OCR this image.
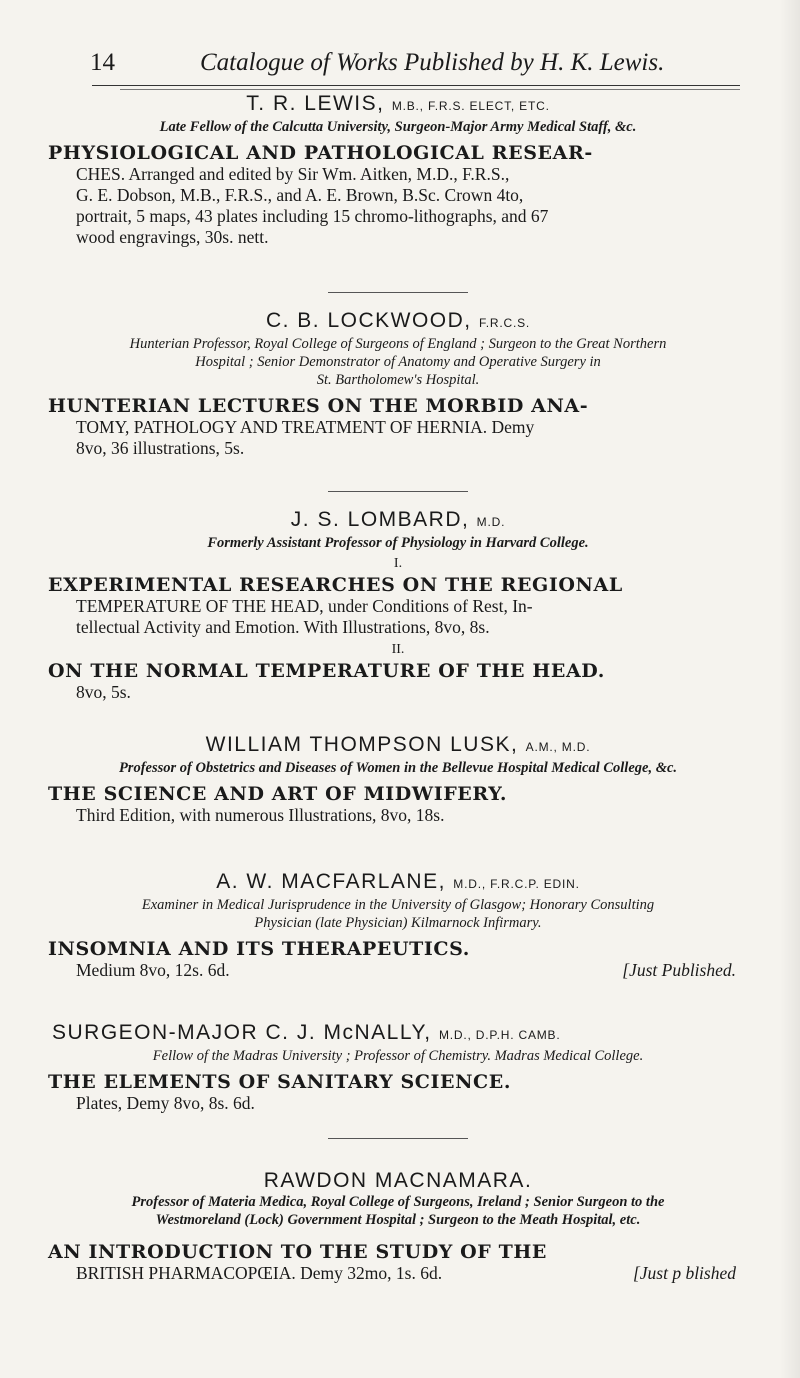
14	Catalogue of Works Published by H. K. Lewis.
T. R. LEWIS, M.B., F.R.S. ELECT, ETC.
Late Fellow of the Calcutta University, Surgeon-Major Army Medical Staff, &c.
PHYSIOLOGICAL AND PATHOLOGICAL RESEAR-
CHES. Arranged and edited by Sir Wm. Aitken, M.D., F.R.S.,
G. E. Dobson, M.B., F.R.S., and A. E. Brown, B.Sc. Crown 4to,
portrait, 5 maps, 43 plates including 15 chromo-lithographs, and 67
wood engravings, 30s. nett.
C. B. LOCKWOOD, F.R.C.S.
Hunterian Professor, Royal College of Surgeons of England ; Surgeon to the Great Northern
Hospital ; Senior Demonstrator of Anatomy and Operative Surgery in
St. Bartholomew's Hospital.
HUNTERIAN LECTURES ON THE MORBID ANA-
TOMY, PATHOLOGY AND TREATMENT OF HERNIA. Demy
8vo, 36 illustrations, 5s.
J. S. LOMBARD, M.D.
Formerly Assistant Professor of Physiology in Harvard College.
I.
EXPERIMENTAL RESEARCHES ON THE REGIONAL
TEMPERATURE OF THE HEAD, under Conditions of Rest, In-
tellectual Activity and Emotion. With Illustrations, 8vo, 8s.
II.
ON THE NORMAL TEMPERATURE OF THE HEAD.
8vo, 5s.
WILLIAM THOMPSON LUSK, A.M., M.D.
Professor of Obstetrics and Diseases of Women in the Bellevue Hospital Medical College, &c.
THE SCIENCE AND ART OF MIDWIFERY.
Third Edition, with numerous Illustrations, 8vo, 18s.
A. W. MACFARLANE, M.D., F.R.C.P. EDIN.
Examiner in Medical Jurisprudence in the University of Glasgow; Honorary Consulting
Physician (late Physician) Kilmarnock Infirmary.
INSOMNIA AND ITS THERAPEUTICS.
[Just Published.
Medium 8vo, 12s. 6d.
SURGEON-MAJOR C. J. McNALLY, M.D., D.P.H. CAMB.
Fellow of the Madras University ; Professor of Chemistry. Madras Medical College.
THE ELEMENTS OF SANITARY SCIENCE.
Plates, Demy 8vo, 8s. 6d.
RAWDON MACNAMARA.
Professor of Materia Medica, Royal College of Surgeons, Ireland ; Senior Surgeon to the
Westmoreland (Lock) Government Hospital ; Surgeon to the Meath Hospital, etc.
AN INTRODUCTION TO THE STUDY OF THE
[Just p blished
BRITISH PHARMACOPŒIA. Demy 32mo, 1s. 6d.
